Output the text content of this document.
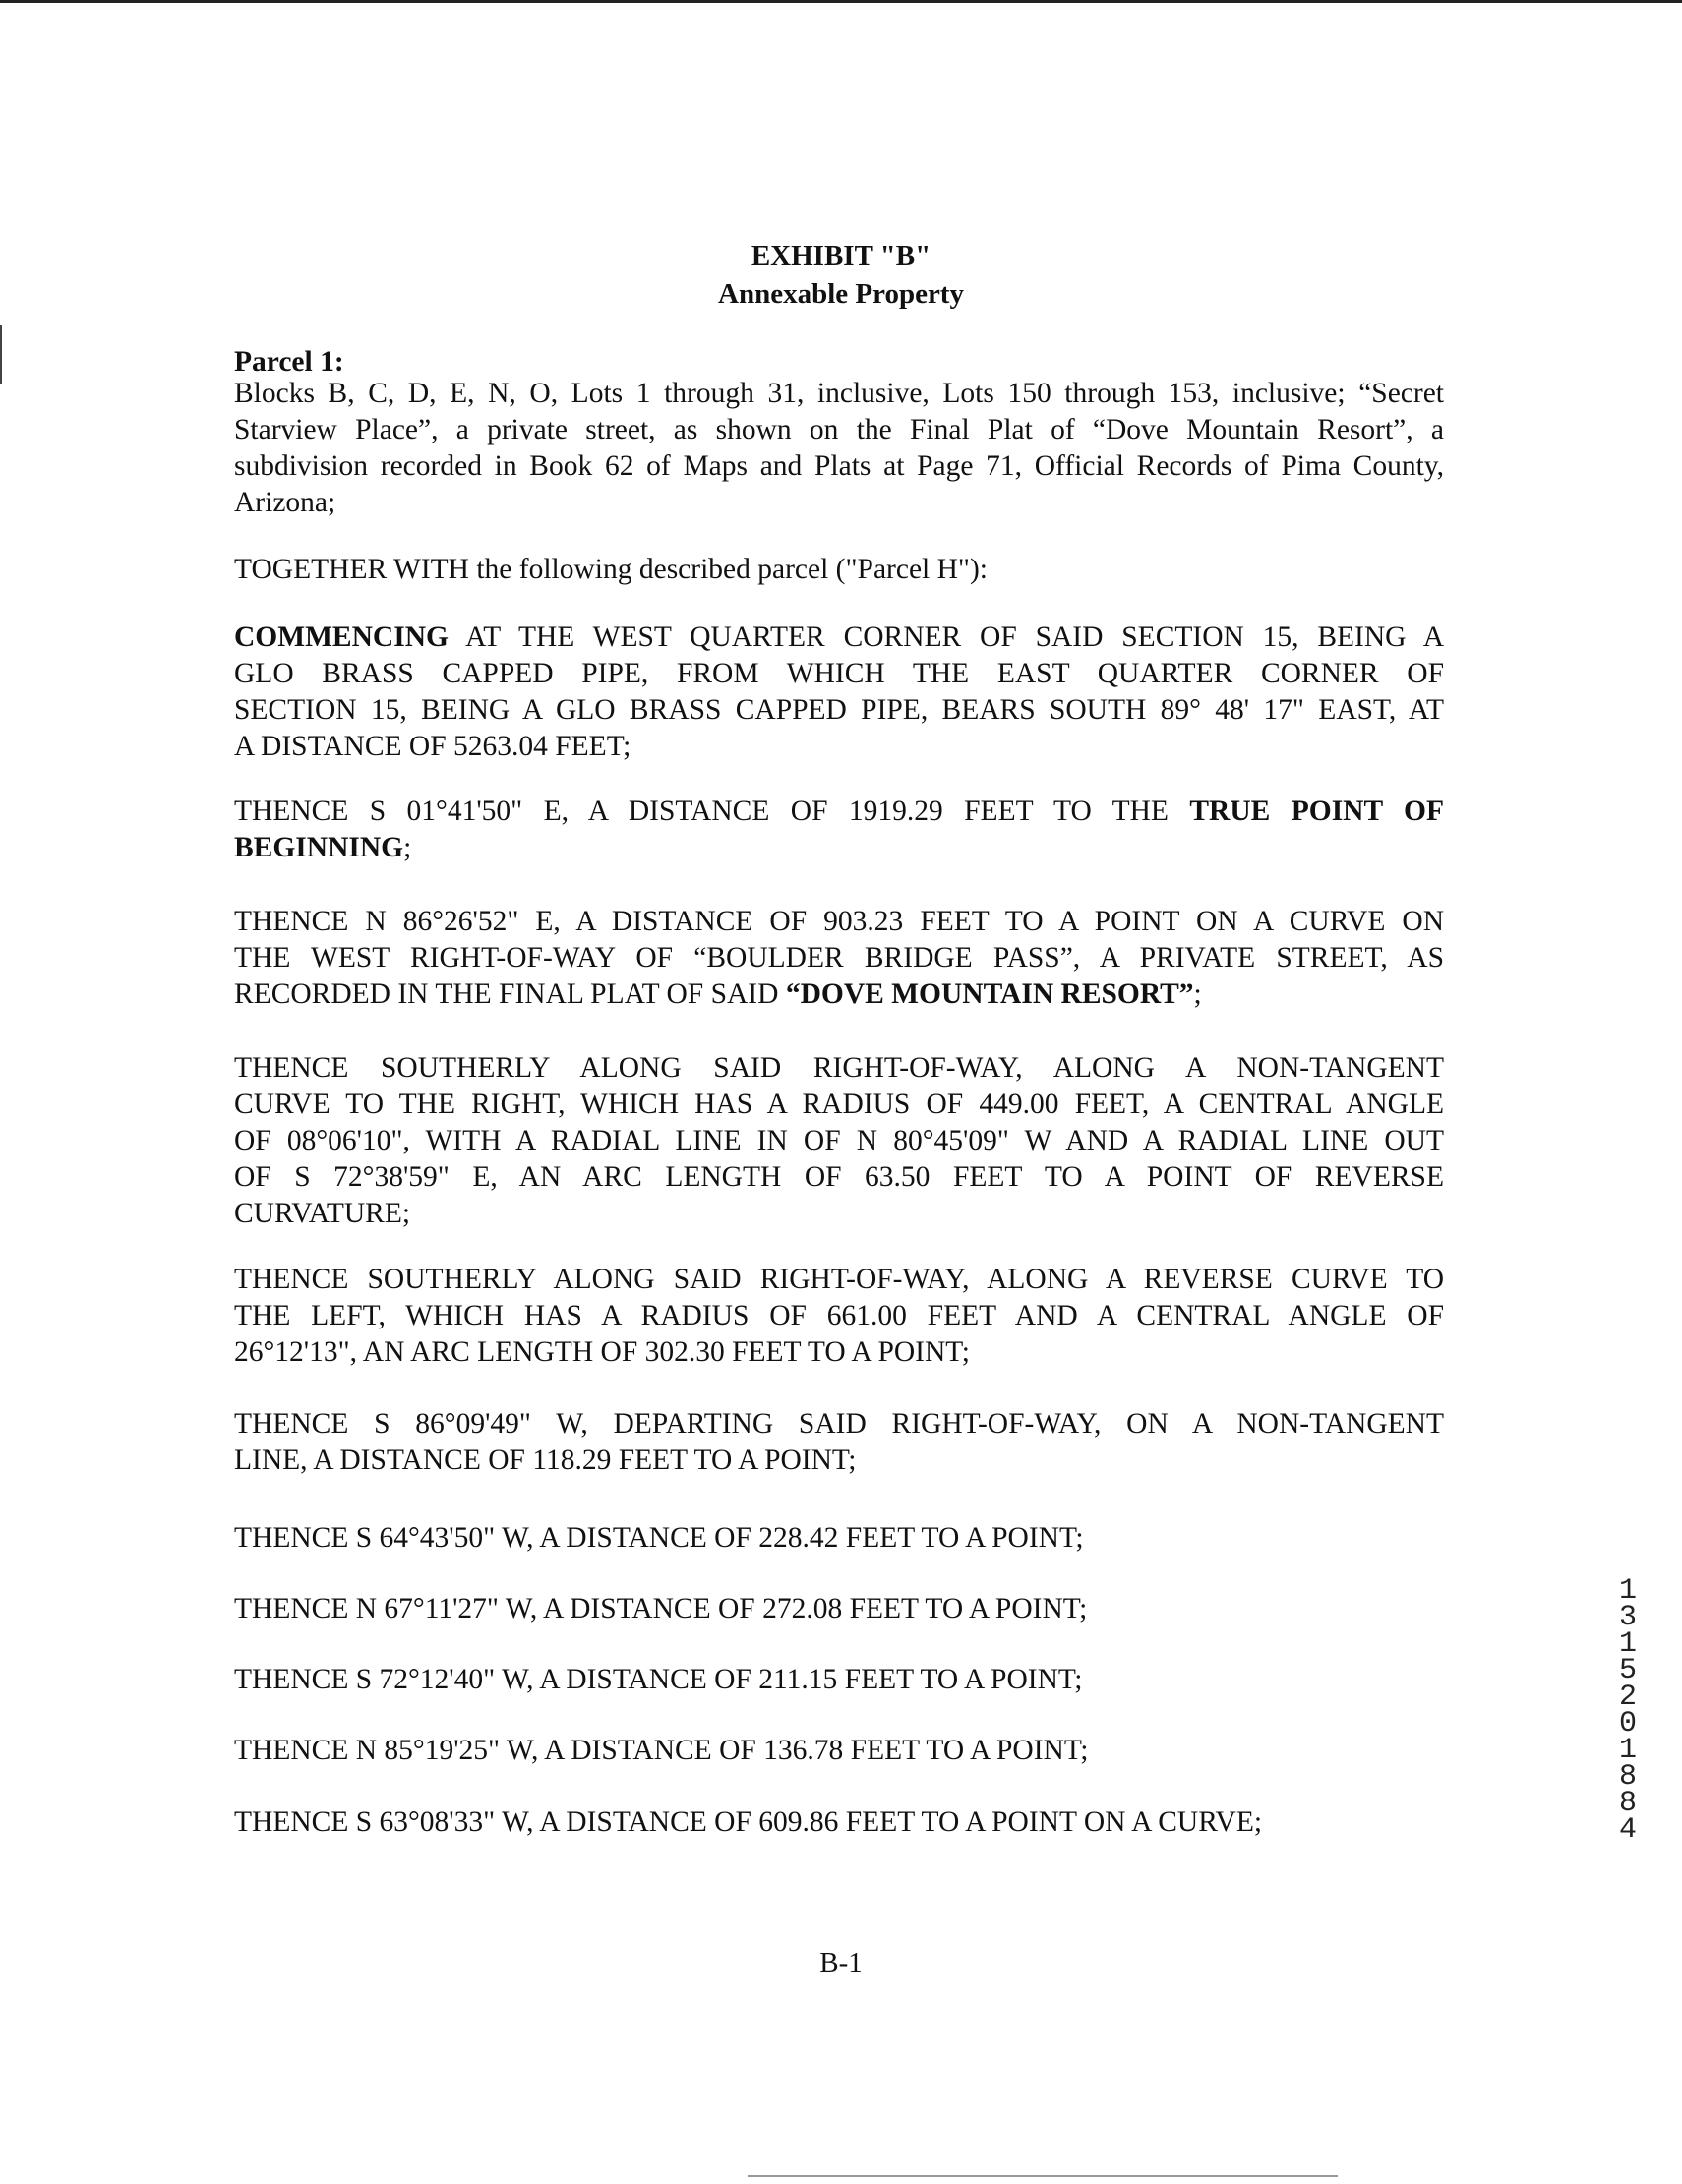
EXHIBIT "B"
Annexable Property
Parcel 1:
Blocks B, C, D, E, N, O, Lots 1 through 31, inclusive, Lots 150 through 153, inclusive; “Secret
Starview Place”, a private street, as shown on the Final Plat of “Dove Mountain Resort”, a
subdivision recorded in Book 62 of Maps and Plats at Page 71, Official Records of Pima County,
Arizona;
TOGETHER WITH the following described parcel ("Parcel H"):
COMMENCING AT THE WEST QUARTER CORNER OF SAID SECTION 15, BEING A
GLO BRASS CAPPED PIPE, FROM WHICH THE EAST QUARTER CORNER OF
SECTION 15, BEING A GLO BRASS CAPPED PIPE, BEARS SOUTH 89° 48' 17" EAST, AT
A DISTANCE OF 5263.04 FEET;
THENCE S 01°41'50" E, A DISTANCE OF 1919.29 FEET TO THE TRUE POINT OF
BEGINNING;
THENCE N 86°26'52" E, A DISTANCE OF 903.23 FEET TO A POINT ON A CURVE ON
THE WEST RIGHT-OF-WAY OF “BOULDER BRIDGE PASS”, A PRIVATE STREET, AS
RECORDED IN THE FINAL PLAT OF SAID “DOVE MOUNTAIN RESORT”;
THENCE SOUTHERLY ALONG SAID RIGHT-OF-WAY, ALONG A NON-TANGENT
CURVE TO THE RIGHT, WHICH HAS A RADIUS OF 449.00 FEET, A CENTRAL ANGLE
OF 08°06'10", WITH A RADIAL LINE IN OF N 80°45'09" W AND A RADIAL LINE OUT
OF S 72°38'59" E, AN ARC LENGTH OF 63.50 FEET TO A POINT OF REVERSE
CURVATURE;
THENCE SOUTHERLY ALONG SAID RIGHT-OF-WAY, ALONG A REVERSE CURVE TO
THE LEFT, WHICH HAS A RADIUS OF 661.00 FEET AND A CENTRAL ANGLE OF
26°12'13", AN ARC LENGTH OF 302.30 FEET TO A POINT;
THENCE S 86°09'49" W, DEPARTING SAID RIGHT-OF-WAY, ON A NON-TANGENT
LINE, A DISTANCE OF 118.29 FEET TO A POINT;
THENCE S 64°43'50" W, A DISTANCE OF 228.42 FEET TO A POINT;
THENCE N 67°11'27" W, A DISTANCE OF 272.08 FEET TO A POINT;
THENCE S 72°12'40" W, A DISTANCE OF 211.15 FEET TO A POINT;
THENCE N 85°19'25" W, A DISTANCE OF 136.78 FEET TO A POINT;
THENCE S 63°08'33" W, A DISTANCE OF 609.86 FEET TO A POINT ON A CURVE;
B-1
13152 01884
